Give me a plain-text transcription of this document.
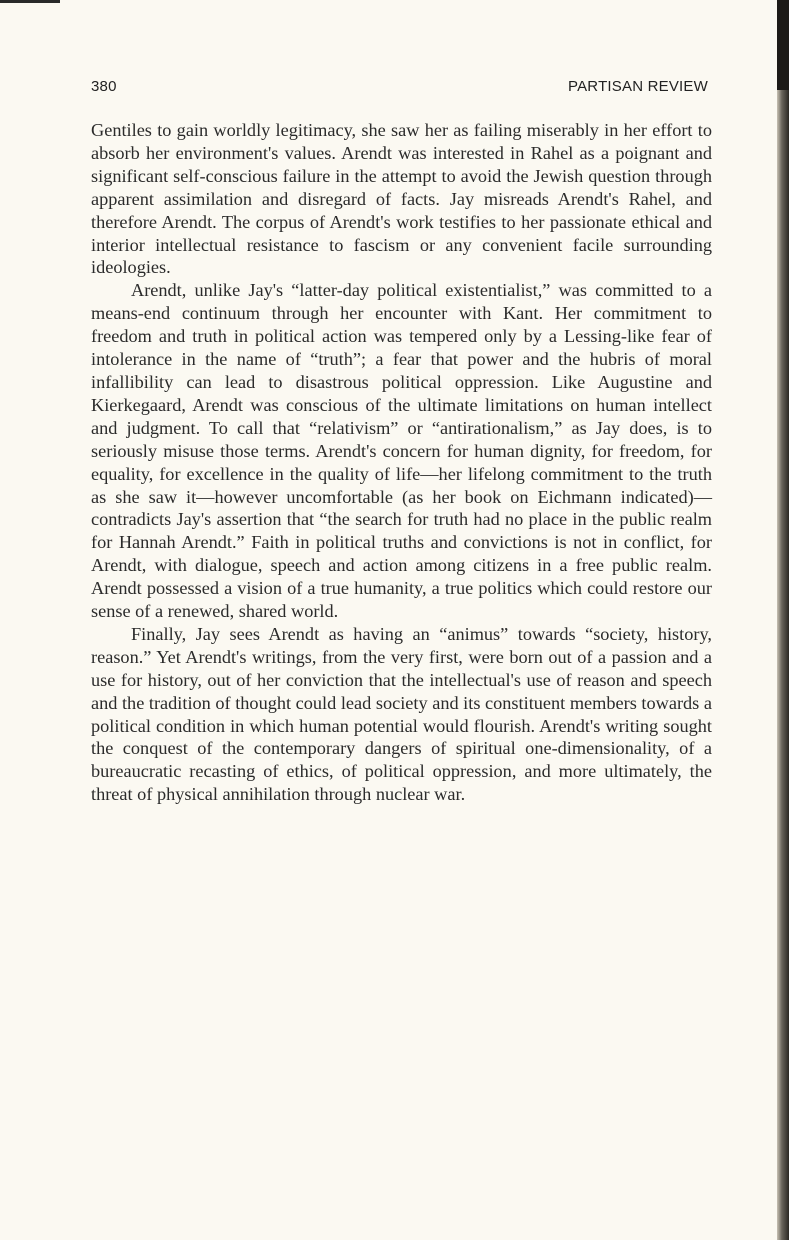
380	PARTISAN REVIEW

Gentiles to gain worldly legitimacy, she saw her as failing miserably in her effort to absorb her environment's values. Arendt was interested in Rahel as a poignant and significant self-conscious failure in the attempt to avoid the Jewish question through apparent assimilation and disregard of facts. Jay misreads Arendt's Rahel, and therefore Arendt. The corpus of Arendt's work testifies to her passionate ethical and interior intellectual resistance to fascism or any convenient facile surrounding ideologies.

Arendt, unlike Jay's “latter-day political existentialist,” was committed to a means-end continuum through her encounter with Kant. Her commitment to freedom and truth in political action was tempered only by a Lessing-like fear of intolerance in the name of “truth”; a fear that power and the hubris of moral infallibility can lead to disastrous political oppression. Like Augustine and Kierkegaard, Arendt was conscious of the ultimate limitations on human intellect and judgment. To call that “relativism” or “antirationalism,” as Jay does, is to seriously misuse those terms. Arendt's concern for human dignity, for freedom, for equality, for excellence in the quality of life—her lifelong commitment to the truth as she saw it—however uncomfortable (as her book on Eichmann indicated)—contradicts Jay's assertion that “the search for truth had no place in the public realm for Hannah Arendt.” Faith in political truths and convictions is not in conflict, for Arendt, with dialogue, speech and action among citizens in a free public realm. Arendt possessed a vision of a true humanity, a true politics which could restore our sense of a renewed, shared world.

Finally, Jay sees Arendt as having an “animus” towards “society, history, reason.” Yet Arendt's writings, from the very first, were born out of a passion and a use for history, out of her conviction that the intellectual's use of reason and speech and the tradition of thought could lead society and its constituent members towards a political condition in which human potential would flourish. Arendt's writing sought the conquest of the contemporary dangers of spiritual one-dimensionality, of a bureaucratic recasting of ethics, of political oppression, and more ultimately, the threat of physical annihilation through nuclear war.
